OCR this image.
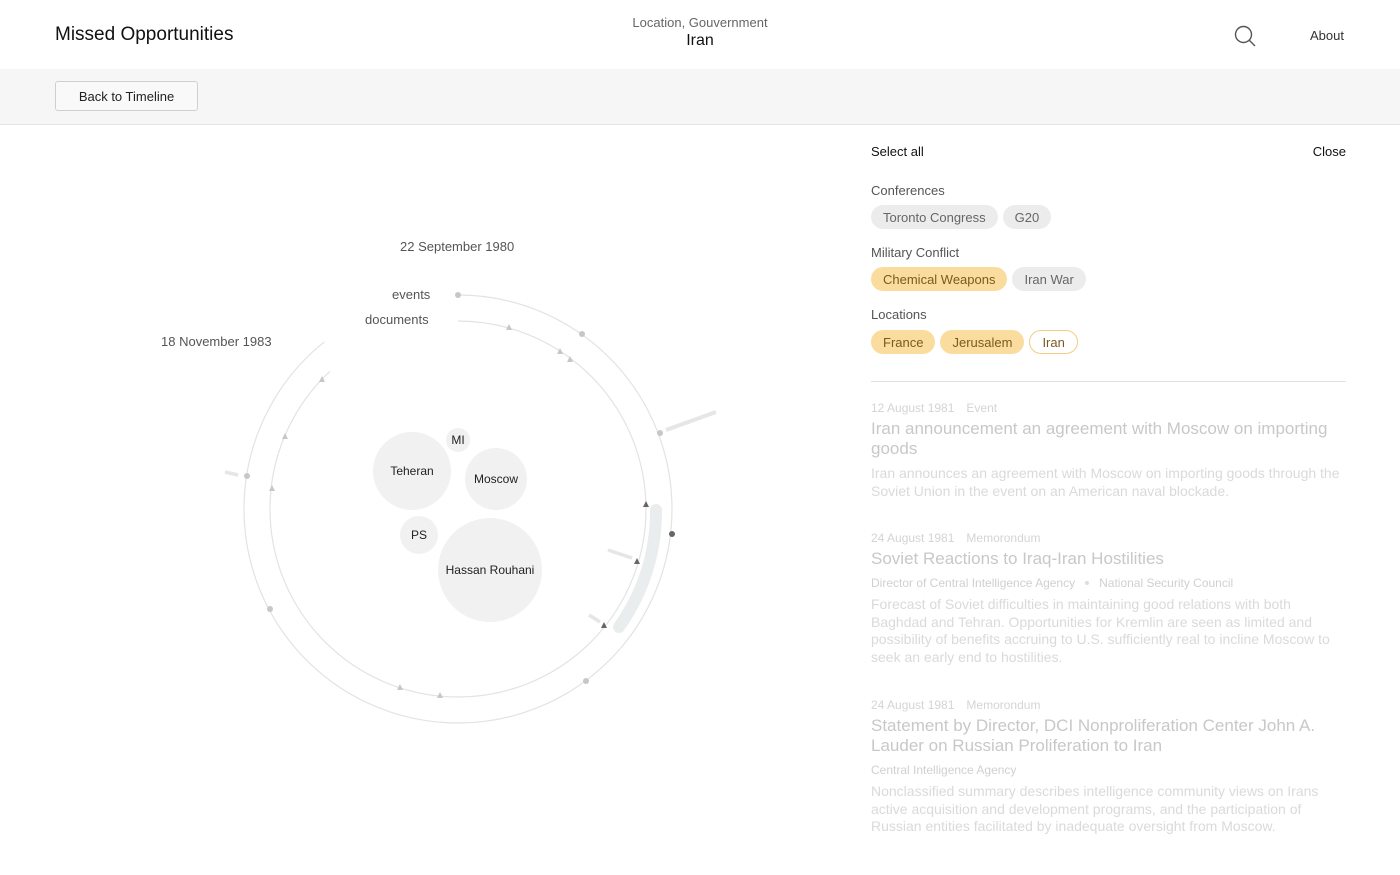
Missed Opportunities
Location, Gouvernment
Iran	About
Back to Timeline
22 September 1980
18 November 1983
events
documents
Teheran
MI
Moscow
PS
Hassan Rouhani
Select all	Close
Conferences
Toronto Congress	G20
Military Conflict
Chemical Weapons	Iran War
Locations
France	Jerusalem	Iran
12 August 1981 Event
Iran announcement an agreement with Moscow on importing goods
Iran announces an agreement with Moscow on importing goods through the Soviet Union in the event on an American naval blockade.
24 August 1981 Memorondum
Soviet Reactions to Iraq-Iran Hostilities
Director of Central Intelligence Agency National Security Council
Forecast of Soviet difficulties in maintaining good relations with both Baghdad and Tehran. Opportunities for Kremlin are seen as limited and possibility of benefits accruing to U.S. sufficiently real to incline Moscow to seek an early end to hostilities.
24 August 1981 Memorondum
Statement by Director, DCI Nonproliferation Center John A. Lauder on Russian Proliferation to Iran
Central Intelligence Agency
Nonclassified summary describes intelligence community views on Irans active acquisition and development programs, and the participation of Russian entities facilitated by inadequate oversight from Moscow.
